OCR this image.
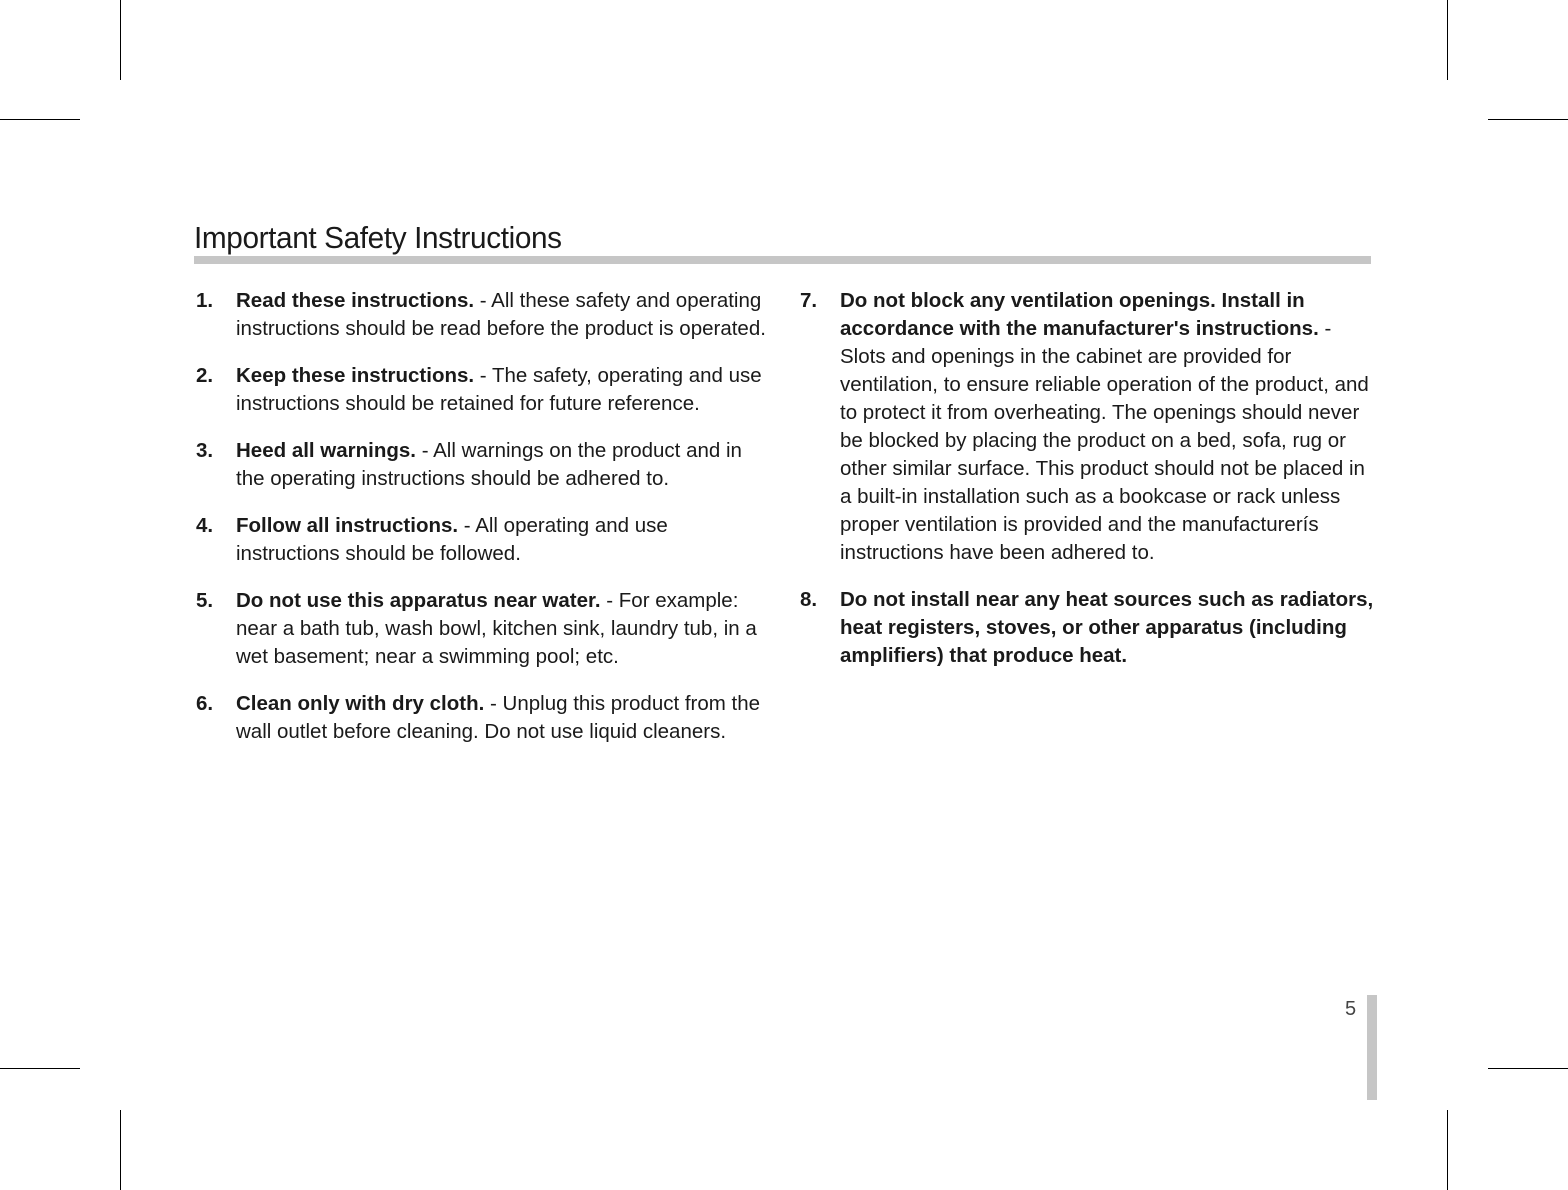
Important Safety Instructions
1. Read these instructions. - All these safety and operating instructions should be read before the product is operated.
2. Keep these instructions. - The safety, operating and use instructions should be retained for future reference.
3. Heed all warnings. - All warnings on the product and in the operating instructions should be adhered to.
4. Follow all instructions. - All operating and use instructions should be followed.
5. Do not use this apparatus near water. - For example: near a bath tub, wash bowl, kitchen sink, laundry tub, in a wet basement; near a swimming pool; etc.
6. Clean only with dry cloth. - Unplug this product from the wall outlet before cleaning. Do not use liquid cleaners.
7. Do not block any ventilation openings. Install in accordance with the manufacturer's instructions. - Slots and openings in the cabinet are provided for ventilation, to ensure reliable operation of the product, and to protect it from overheating. The openings should never be blocked by placing the product on a bed, sofa, rug or other similar surface. This product should not be placed in a built-in installation such as a bookcase or rack unless proper ventilation is provided and the manufacturerís instructions have been adhered to.
8. Do not install near any heat sources such as radiators, heat registers, stoves, or other apparatus (including amplifiers) that produce heat.
5
